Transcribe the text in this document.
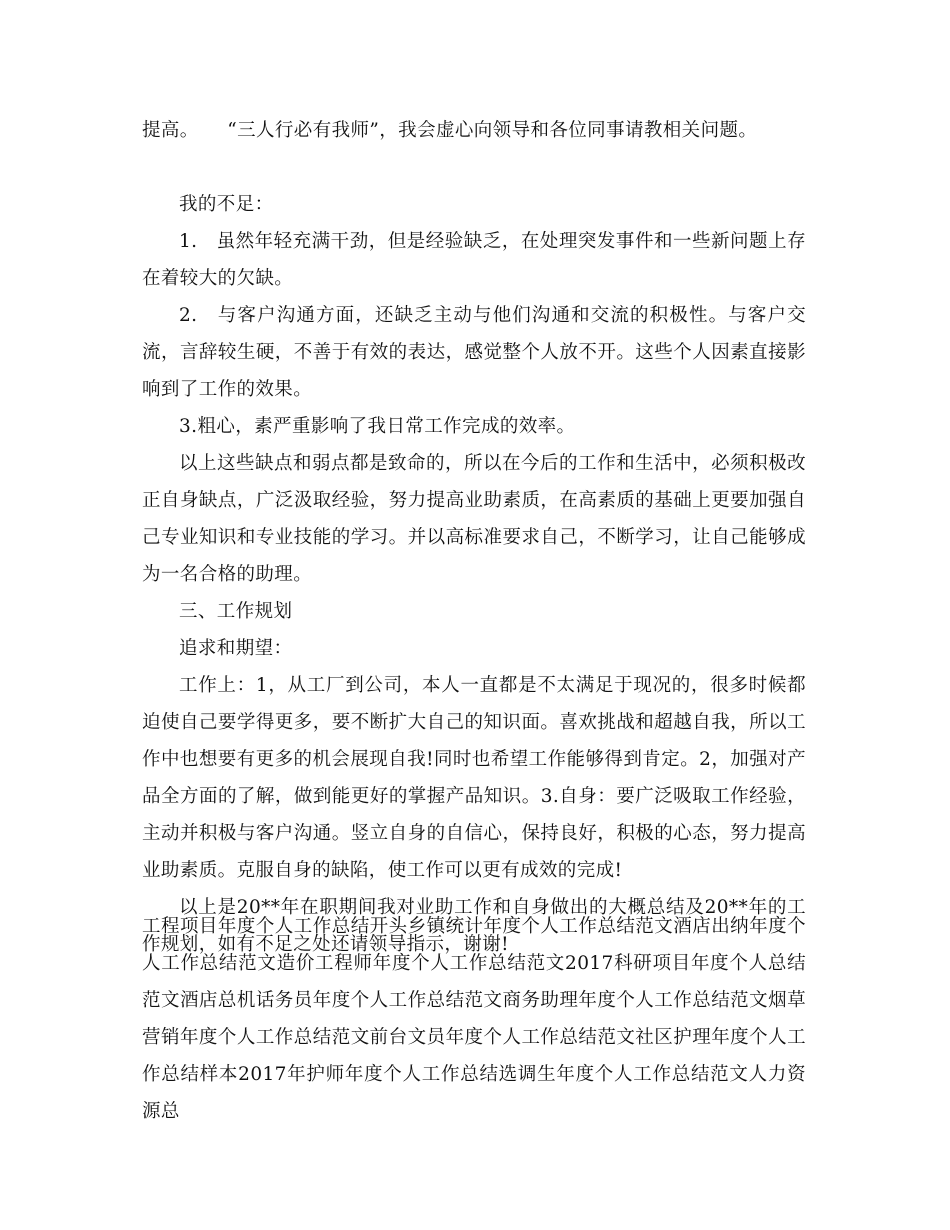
提高。　　“三人行必有我师”，我会虚心向领导和各位同事请教相关问题。

我的不足：

1.　虽然年轻充满干劲，但是经验缺乏，在处理突发事件和一些新问题上存在着较大的欠缺。

2.　与客户沟通方面，还缺乏主动与他们沟通和交流的积极性。与客户交流，言辞较生硬，不善于有效的表达，感觉整个人放不开。这些个人因素直接影响到了工作的效果。

3.粗心，素严重影响了我日常工作完成的效率。

以上这些缺点和弱点都是致命的，所以在今后的工作和生活中，必须积极改正自身缺点，广泛汲取经验，努力提高业助素质，在高素质的基础上更要加强自己专业知识和专业技能的学习。并以高标准要求自己，不断学习，让自己能够成为一名合格的助理。

三、工作规划

追求和期望：

工作上：1，从工厂到公司，本人一直都是不太满足于现况的，很多时候都迫使自己要学得更多，要不断扩大自己的知识面。喜欢挑战和超越自我，所以工作中也想要有更多的机会展现自我!同时也希望工作能够得到肯定。2，加强对产品全方面的了解，做到能更好的掌握产品知识。3.自身：要广泛吸取工作经验，主动并积极与客户沟通。竖立自身的自信心，保持良好，积极的心态，努力提高业助素质。克服自身的缺陷，使工作可以更有成效的完成!

以上是20**年在职期间我对业助工作和自身做出的大概总结及20**年的工作规划，如有不足之处还请领导指示，谢谢!

工程项目年度个人工作总结开头乡镇统计年度个人工作总结范文酒店出纳年度个人工作总结范文造价工程师年度个人工作总结范文2017科研项目年度个人总结范文酒店总机话务员年度个人工作总结范文商务助理年度个人工作总结范文烟草营销年度个人工作总结范文前台文员年度个人工作总结范文社区护理年度个人工作总结样本2017年护师年度个人工作总结选调生年度个人工作总结范文人力资源总
